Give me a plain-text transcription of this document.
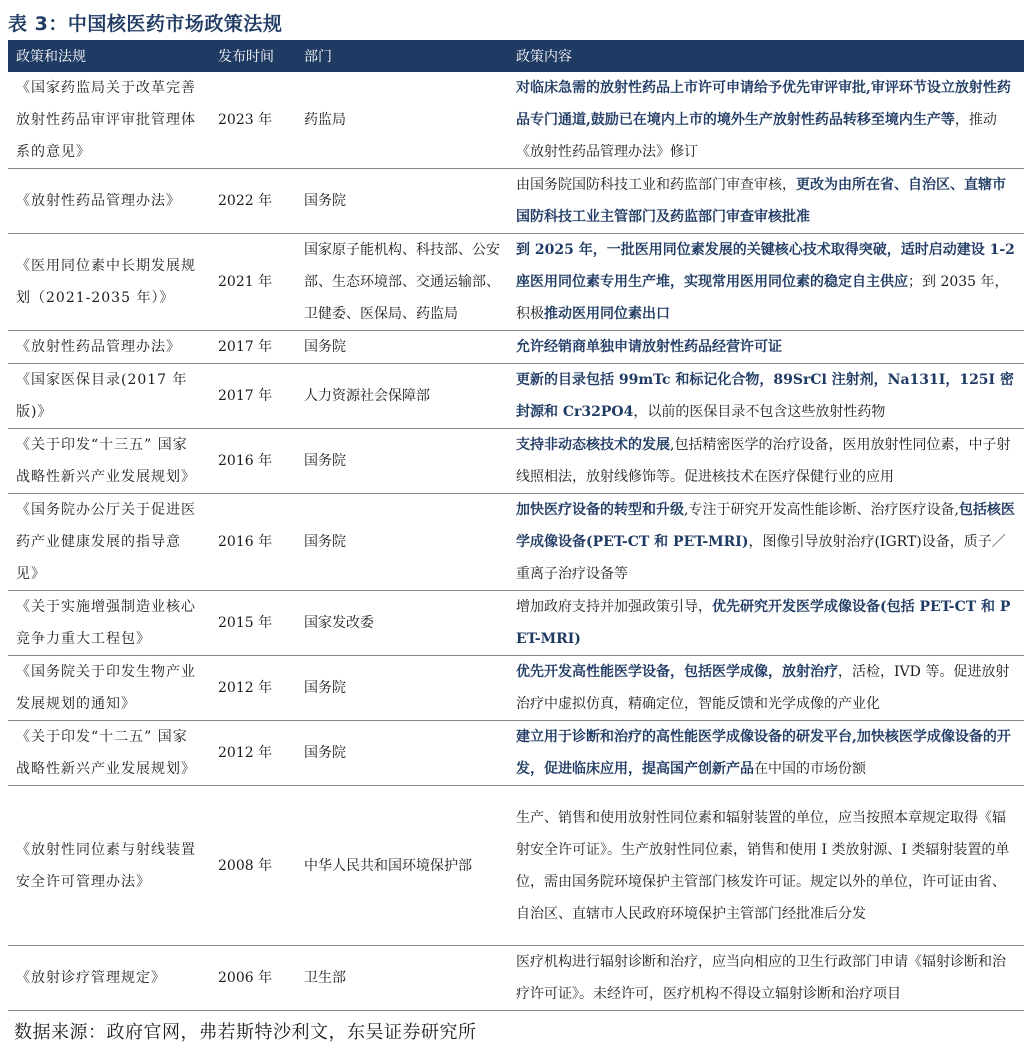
表 3：中国核医药市场政策法规
政策和法规	发布时间	部门	政策内容
《国家药监局关于改革完善放射性药品审评审批管理体系的意见》	2023 年	药监局	对临床急需的放射性药品上市许可申请给予优先审评审批,审评环节设立放射性药品专门通道,鼓励已在境内上市的境外生产放射性药品转移至境内生产等，推动《放射性药品管理办法》修订
《放射性药品管理办法》	2022 年	国务院	由国务院国防科技工业和药监部门审查审核，更改为由所在省、自治区、直辖市国防科技工业主管部门及药监部门审查审核批准
《医用同位素中长期发展规划（2021-2035 年）》	2021 年	国家原子能机构、科技部、公安部、生态环境部、交通运输部、卫健委、医保局、药监局	到 2025 年，一批医用同位素发展的关键核心技术取得突破，适时启动建设 1-2 座医用同位素专用生产堆，实现常用医用同位素的稳定自主供应；到 2035 年，积极推动医用同位素出口
《放射性药品管理办法》	2017 年	国务院	允许经销商单独申请放射性药品经营许可证
《国家医保目录(2017 年版)》	2017 年	人力资源社会保障部	更新的目录包括 99mTc 和标记化合物，89SrCl 注射剂，Na131I，125I 密封源和 Cr32PO4，以前的医保目录不包含这些放射性药物
《关于印发“十三五” 国家战略性新兴产业发展规划》	2016 年	国务院	支持非动态核技术的发展,包括精密医学的治疗设备，医用放射性同位素，中子射线照相法，放射线修饰等。促进核技术在医疗保健行业的应用
《国务院办公厅关于促进医药产业健康发展的指导意见》	2016 年	国务院	加快医疗设备的转型和升级,专注于研究开发高性能诊断、治疗医疗设备,包括核医学成像设备(PET-CT 和 PET-MRI)，图像引导放射治疗(IGRT)设备，质子／重离子治疗设备等
《关于实施增强制造业核心竞争力重大工程包》	2015 年	国家发改委	增加政府支持并加强政策引导，优先研究开发医学成像设备(包括 PET-CT 和 PET-MRI)
《国务院关于印发生物产业发展规划的通知》	2012 年	国务院	优先开发高性能医学设备，包括医学成像，放射治疗，活检，IVD 等。促进放射治疗中虚拟仿真，精确定位，智能反馈和光学成像的产业化
《关于印发“十二五” 国家战略性新兴产业发展规划》	2012 年	国务院	建立用于诊断和治疗的高性能医学成像设备的研发平台,加快核医学成像设备的开发，促进临床应用，提高国产创新产品在中国的市场份额
《放射性同位素与射线装置安全许可管理办法》	2008 年	中华人民共和国环境保护部	生产、销售和使用放射性同位素和辐射装置的单位，应当按照本章规定取得《辐射安全许可证》。生产放射性同位素，销售和使用 I 类放射源、I 类辐射装置的单位，需由国务院环境保护主管部门核发许可证。规定以外的单位，许可证由省、自治区、直辖市人民政府环境保护主管部门经批准后分发
《放射诊疗管理规定》	2006 年	卫生部	医疗机构进行辐射诊断和治疗，应当向相应的卫生行政部门申请《辐射诊断和治疗许可证》。未经许可，医疗机构不得设立辐射诊断和治疗项目
数据来源：政府官网，弗若斯特沙利文，东吴证券研究所
